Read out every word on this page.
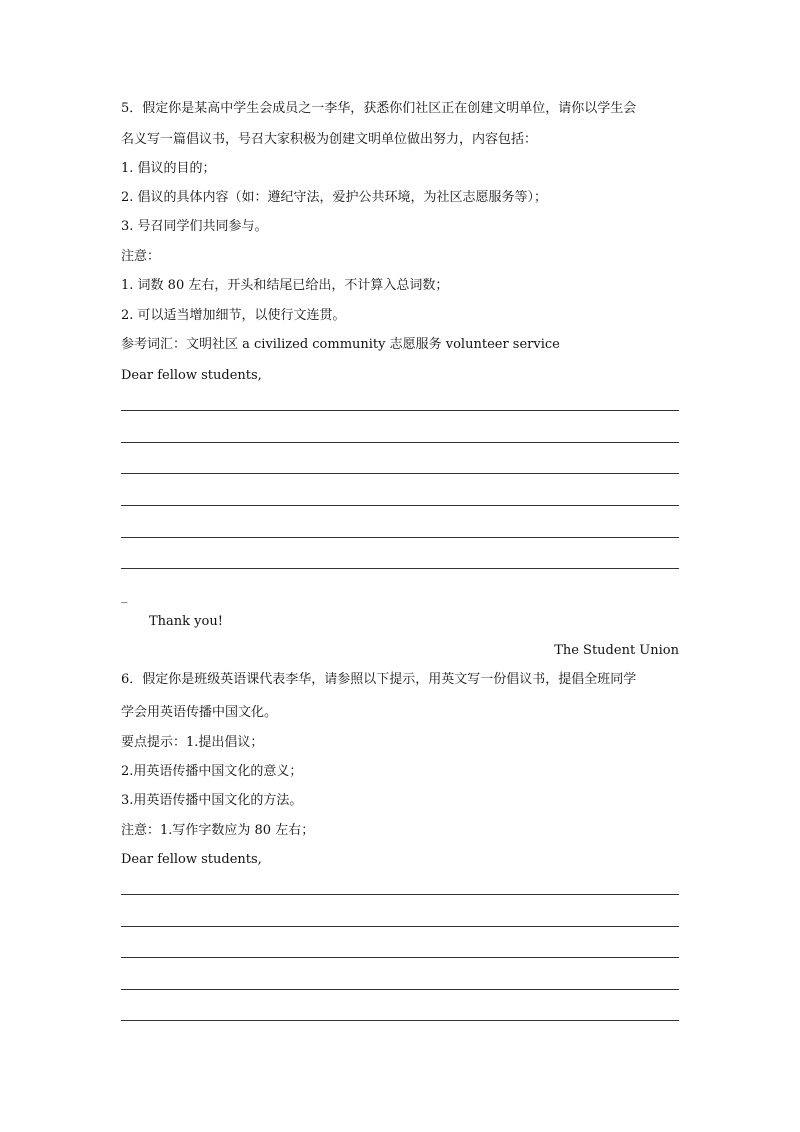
5．假定你是某高中学生会成员之一李华，获悉你们社区正在创建文明单位，请你以学生会
名义写一篇倡议书，号召大家积极为创建文明单位做出努力，内容包括：
1. 倡议的目的；
2. 倡议的具体内容（如：遵纪守法，爱护公共环境，为社区志愿服务等）；
3. 号召同学们共同参与。
注意：
1. 词数 80 左右，开头和结尾已给出，不计算入总词数；
2. 可以适当增加细节，以使行文连贯。
参考词汇：文明社区 a civilized community 志愿服务 volunteer service
Dear fellow students,
_
Thank you!
The Student Union
6．假定你是班级英语课代表李华，请参照以下提示，用英文写一份倡议书，提倡全班同学
学会用英语传播中国文化。
要点提示：1.提出倡议；
2.用英语传播中国文化的意义；
3.用英语传播中国文化的方法。
注意：1.写作字数应为 80 左右；
Dear fellow students,
